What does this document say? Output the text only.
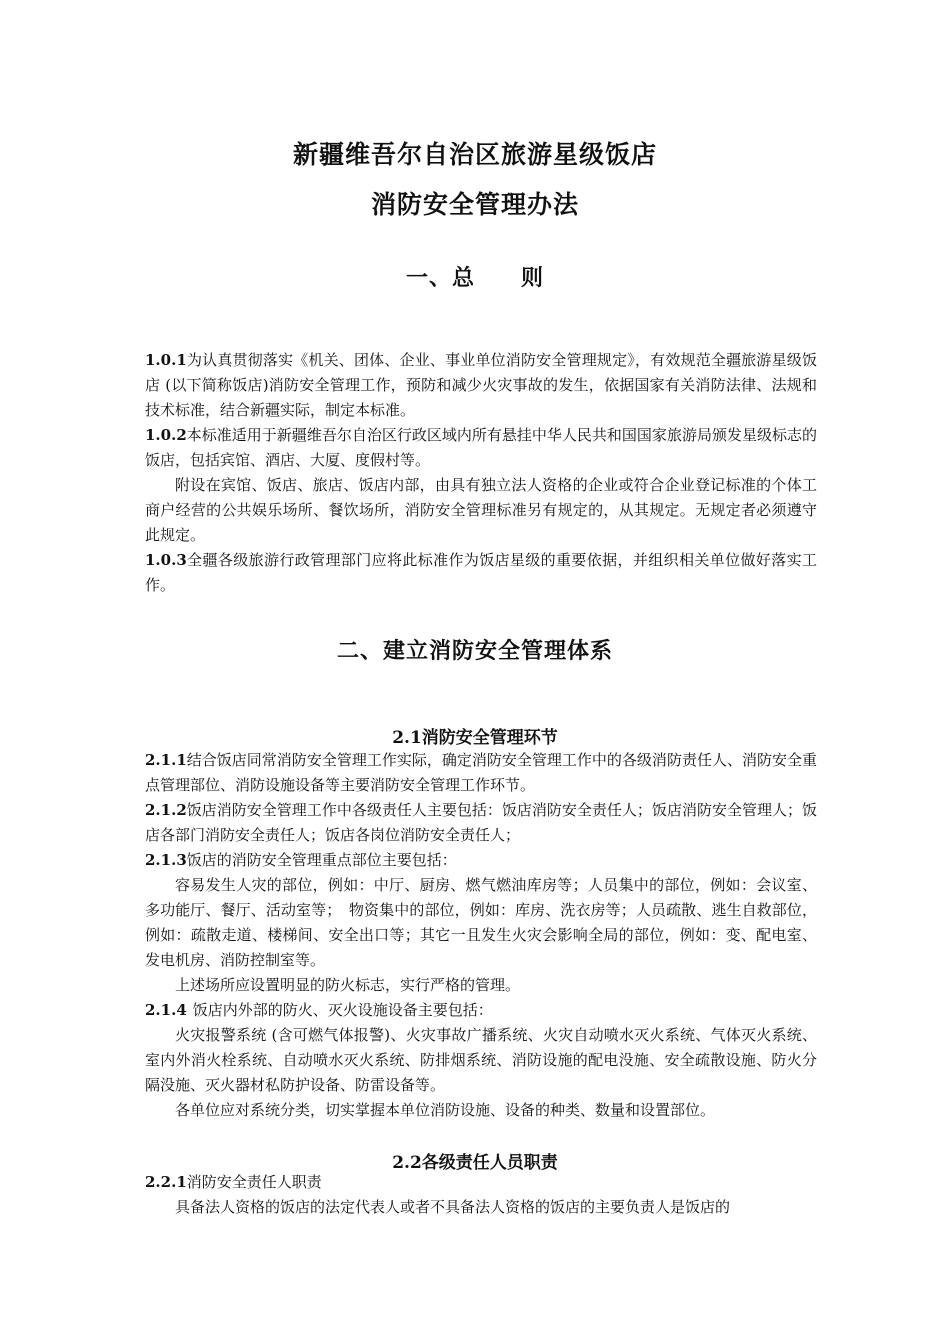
新疆维吾尔自治区旅游星级饭店
消防安全管理办法
一、总　　则

1.0.1为认真贯彻落实《机关、团体、企业、事业单位消防安全管理规定》，有效规范全疆旅游星级饭店 (以下简称饭店)消防安全管理工作，预防和减少火灾事故的发生，依据国家有关消防法律、法规和技术标准，结合新疆实际，制定本标准。

1.0.2本标准适用于新疆维吾尔自治区行政区域内所有悬挂中华人民共和国国家旅游局颁发星级标志的饭店，包括宾馆、酒店、大厦、度假村等。

附设在宾馆、饭店、旅店、饭店内部，由具有独立法人资格的企业或符合企业登记标准的个体工商户经营的公共娱乐场所、餐饮场所，消防安全管理标准另有规定的，从其规定。无规定者必须遵守此规定。

1.0.3全疆各级旅游行政管理部门应将此标准作为饭店星级的重要依据，并组织相关单位做好落实工作。

二、建立消防安全管理体系
2.1消防安全管理环节

2.1.1结合饭店同常消防安全管理工作实际，确定消防安全管理工作中的各级消防责任人、消防安全重点管理部位、消防设施设备等主要消防安全管理工作环节。

2.1.2饭店消防安全管理工作中各级责任人主要包括：饭店消防安全责任人；饭店消防安全管理人；饭店各部门消防安全责任人；饭店各岗位消防安全责任人；

2.1.3饭店的消防安全管理重点部位主要包括：

容易发生人灾的部位，例如：中厅、厨房、燃气燃油库房等；人员集中的部位，例如：会议室、多功能厅、餐厅、活动室等；　物资集中的部位，例如：库房、洗衣房等；人员疏散、逃生自救部位，例如：疏散走道、楼梯间、安全出口等；其它一且发生火灾会影响全局的部位，例如：变、配电室、发电机房、消防控制室等。

上述场所应设置明显的防火标志，实行严格的管理。

2.1.4 饭店内外部的防火、灭火设施设备主要包括：

火灾报警系统 (含可燃气体报警)、火灾事故广播系统、火灾自动喷水灭火系统、气体灭火系统、室内外消火栓系统、自动喷水灭火系统、防排烟系统、消防设施的配电没施、安全疏散设施、防火分隔没施、灭火器材私防护设备、防雷设备等。

各单位应对系统分类，切实掌握本单位消防设施、设备的种类、数量和设置部位。

2.2各级责任人员职责

2.2.1消防安全责任人职责

具备法人资格的饭店的法定代表人或者不具备法人资格的饭店的主要负责人是饭店的
